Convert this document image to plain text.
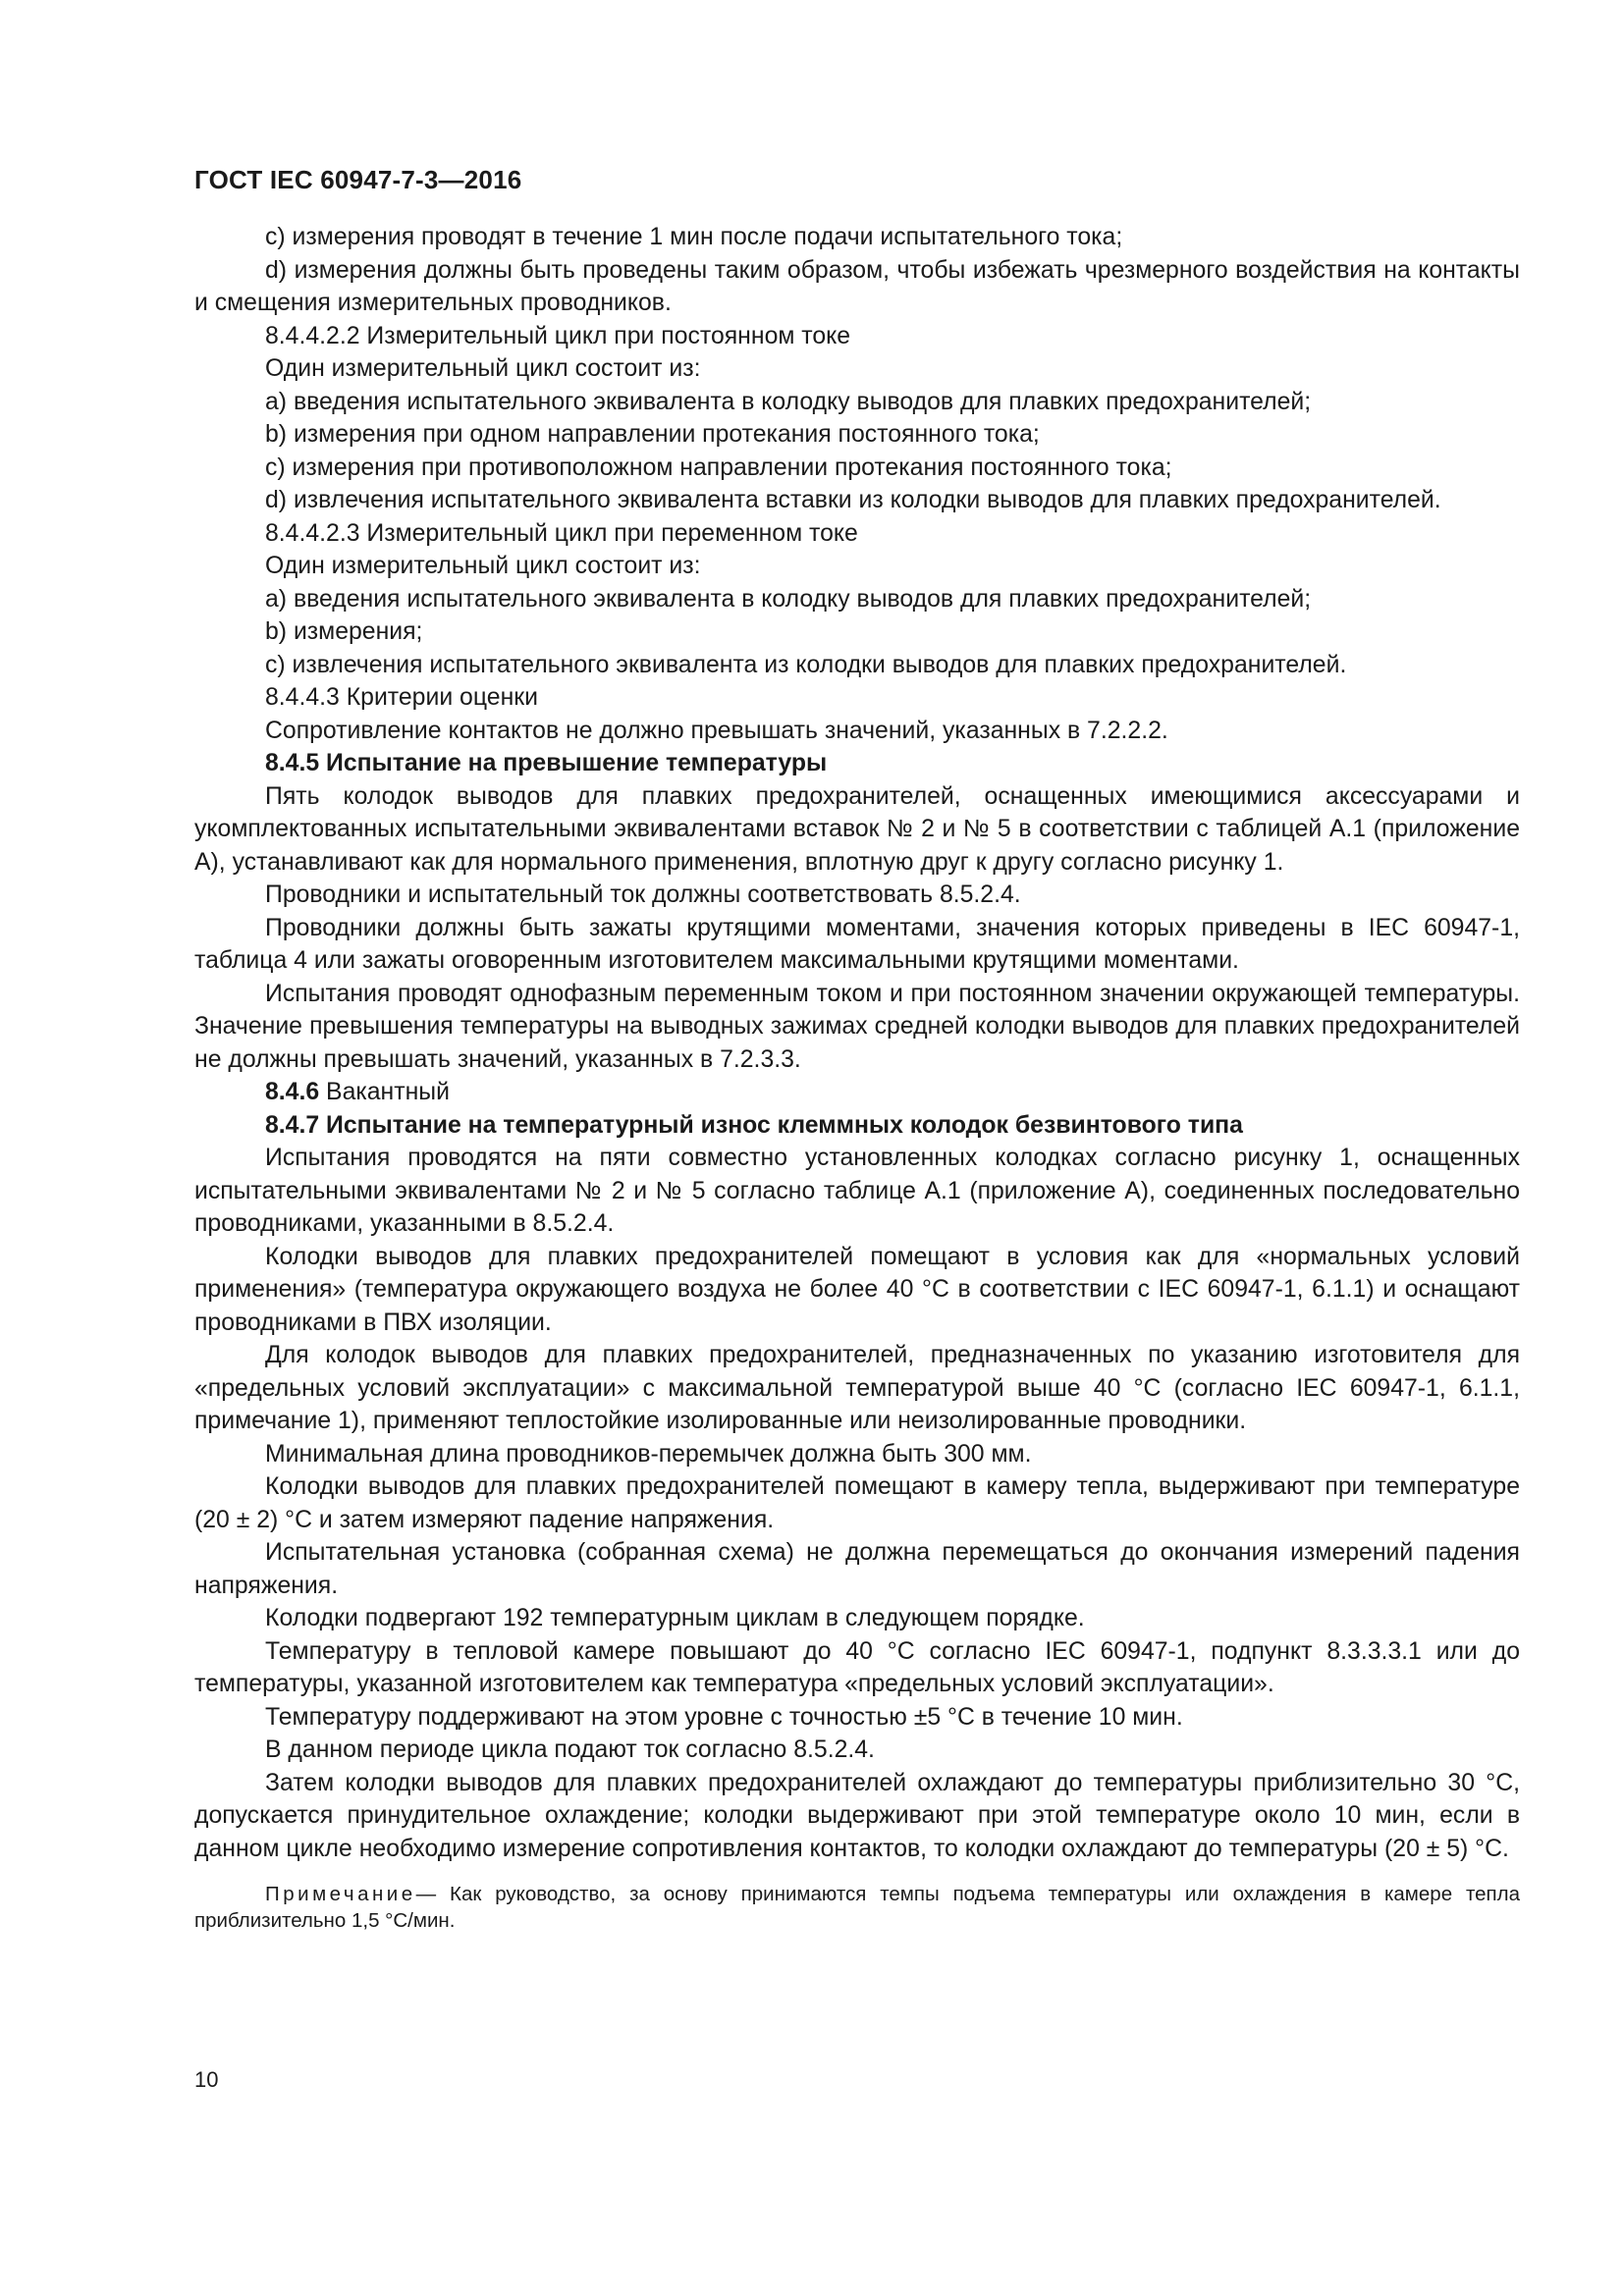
ГОСТ IEC 60947-7-3—2016

c) измерения проводят в течение 1 мин после подачи испытательного тока;

d) измерения должны быть проведены таким образом, чтобы избежать чрезмерного воздействия на контакты и смещения измерительных проводников.

8.4.4.2.2 Измерительный цикл при постоянном токе

Один измерительный цикл состоит из:

a) введения испытательного эквивалента в колодку выводов для плавких предохранителей;

b) измерения при одном направлении протекания постоянного тока;

c) измерения при противоположном направлении протекания постоянного тока;

d) извлечения испытательного эквивалента вставки из колодки выводов для плавких предохранителей.

8.4.4.2.3 Измерительный цикл при переменном токе

Один измерительный цикл состоит из:

a) введения испытательного эквивалента в колодку выводов для плавких предохранителей;

b) измерения;

c) извлечения испытательного эквивалента из колодки выводов для плавких предохранителей.

8.4.4.3 Критерии оценки

Сопротивление контактов не должно превышать значений, указанных в 7.2.2.2.

8.4.5 Испытание на превышение температуры

Пять колодок выводов для плавких предохранителей, оснащенных имеющимися аксессуарами и укомплектованных испытательными эквивалентами вставок № 2 и № 5 в соответствии с таблицей А.1 (приложение А), устанавливают как для нормального применения, вплотную друг к другу согласно рисунку 1.

Проводники и испытательный ток должны соответствовать 8.5.2.4.

Проводники должны быть зажаты крутящими моментами, значения которых приведены в IEC 60947-1, таблица 4 или зажаты оговоренным изготовителем максимальными крутящими моментами.

Испытания проводят однофазным переменным током и при постоянном значении окружающей температуры. Значение превышения температуры на выводных зажимах средней колодки выводов для плавких предохранителей не должны превышать значений, указанных в 7.2.3.3.

8.4.6 Вакантный

8.4.7 Испытание на температурный износ клеммных колодок безвинтового типа

Испытания проводятся на пяти совместно установленных колодках согласно рисунку 1, оснащенных испытательными эквивалентами № 2 и № 5 согласно таблице А.1 (приложение А), соединенных последовательно проводниками, указанными в 8.5.2.4.

Колодки выводов для плавких предохранителей помещают в условия как для «нормальных условий применения» (температура окружающего воздуха не более 40 °С в соответствии с IEC 60947-1, 6.1.1) и оснащают проводниками в ПВХ изоляции.

Для колодок выводов для плавких предохранителей, предназначенных по указанию изготовителя для «предельных условий эксплуатации» с максимальной температурой выше 40 °С (согласно IEC 60947-1, 6.1.1, примечание 1), применяют теплостойкие изолированные или неизолированные проводники.

Минимальная длина проводников-перемычек должна быть 300 мм.

Колодки выводов для плавких предохранителей помещают в камеру тепла, выдерживают при температуре (20 ± 2) °С и затем измеряют падение напряжения.

Испытательная установка (собранная схема) не должна перемещаться до окончания измерений падения напряжения.

Колодки подвергают 192 температурным циклам в следующем порядке.

Температуру в тепловой камере повышают до 40 °С согласно IEC 60947-1, подпункт 8.3.3.3.1 или до температуры, указанной изготовителем как температура «предельных условий эксплуатации».

Температуру поддерживают на этом уровне с точностью ±5 °С в течение 10 мин.

В данном периоде цикла подают ток согласно 8.5.2.4.

Затем колодки выводов для плавких предохранителей охлаждают до температуры приблизительно 30 °С, допускается принудительное охлаждение; колодки выдерживают при этой температуре около 10 мин, если в данном цикле необходимо измерение сопротивления контактов, то колодки охлаждают до температуры (20 ± 5) °С.

Примечание— Как руководство, за основу принимаются темпы подъема температуры или охлаждения в камере тепла приблизительно 1,5 °С/мин.

10
